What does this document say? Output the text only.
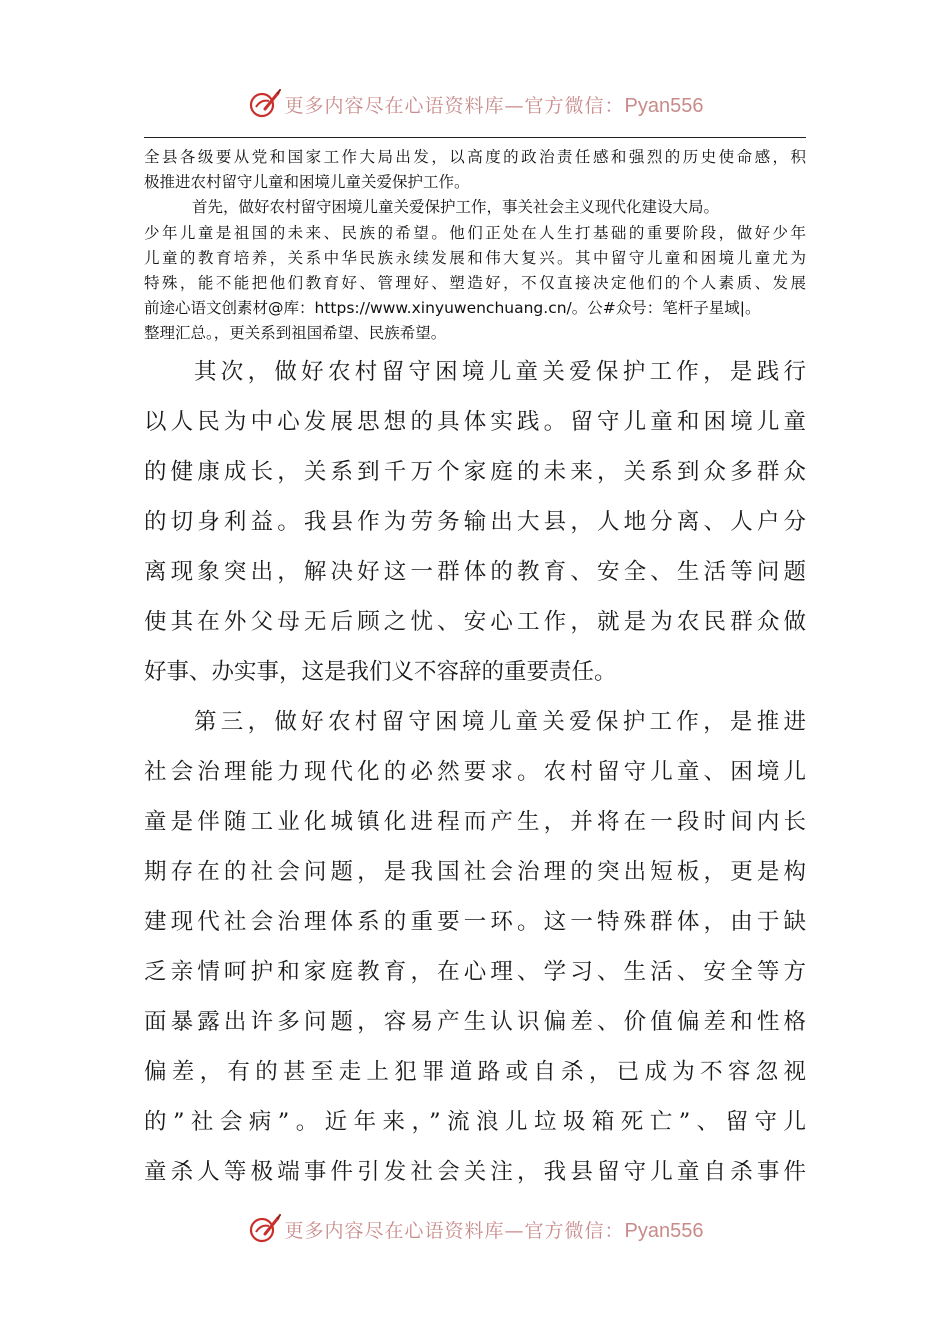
更多内容尽在心语资料库—官方微信：Pyan556
全县各级要从党和国家工作大局出发，以高度的政治责任感和强烈的历史使命感，积
极推进农村留守儿童和困境儿童关爱保护工作。
首先，做好农村留守困境儿童关爱保护工作，事关社会主义现代化建设大局。
少年儿童是祖国的未来、民族的希望。他们正处在人生打基础的重要阶段，做好少年
儿童的教育培养，关系中华民族永续发展和伟大复兴。其中留守儿童和困境儿童尤为
特殊，能不能把他们教育好、管理好、塑造好，不仅直接决定他们的个人素质、发展
前途心语文创素材@库：https://www.xinyuwenchuang.cn/。公#众号：笔杆子星域|。
整理汇总。，更关系到祖国希望、民族希望。
其次，做好农村留守困境儿童关爱保护工作，是践行
以人民为中心发展思想的具体实践。留守儿童和困境儿童
的健康成长，关系到千万个家庭的未来，关系到众多群众
的切身利益。我县作为劳务输出大县，人地分离、人户分
离现象突出，解决好这一群体的教育、安全、生活等问题
使其在外父母无后顾之忧、安心工作，就是为农民群众做
好事、办实事，这是我们义不容辞的重要责任。
第三，做好农村留守困境儿童关爱保护工作，是推进
社会治理能力现代化的必然要求。农村留守儿童、困境儿
童是伴随工业化城镇化进程而产生，并将在一段时间内长
期存在的社会问题，是我国社会治理的突出短板，更是构
建现代社会治理体系的重要一环。这一特殊群体，由于缺
乏亲情呵护和家庭教育，在心理、学习、生活、安全等方
面暴露出许多问题，容易产生认识偏差、价值偏差和性格
偏差，有的甚至走上犯罪道路或自杀，已成为不容忽视
的”社会病”。近年来，”流浪儿垃圾箱死亡”、留守儿
童杀人等极端事件引发社会关注，我县留守儿童自杀事件
更多内容尽在心语资料库—官方微信：Pyan556
